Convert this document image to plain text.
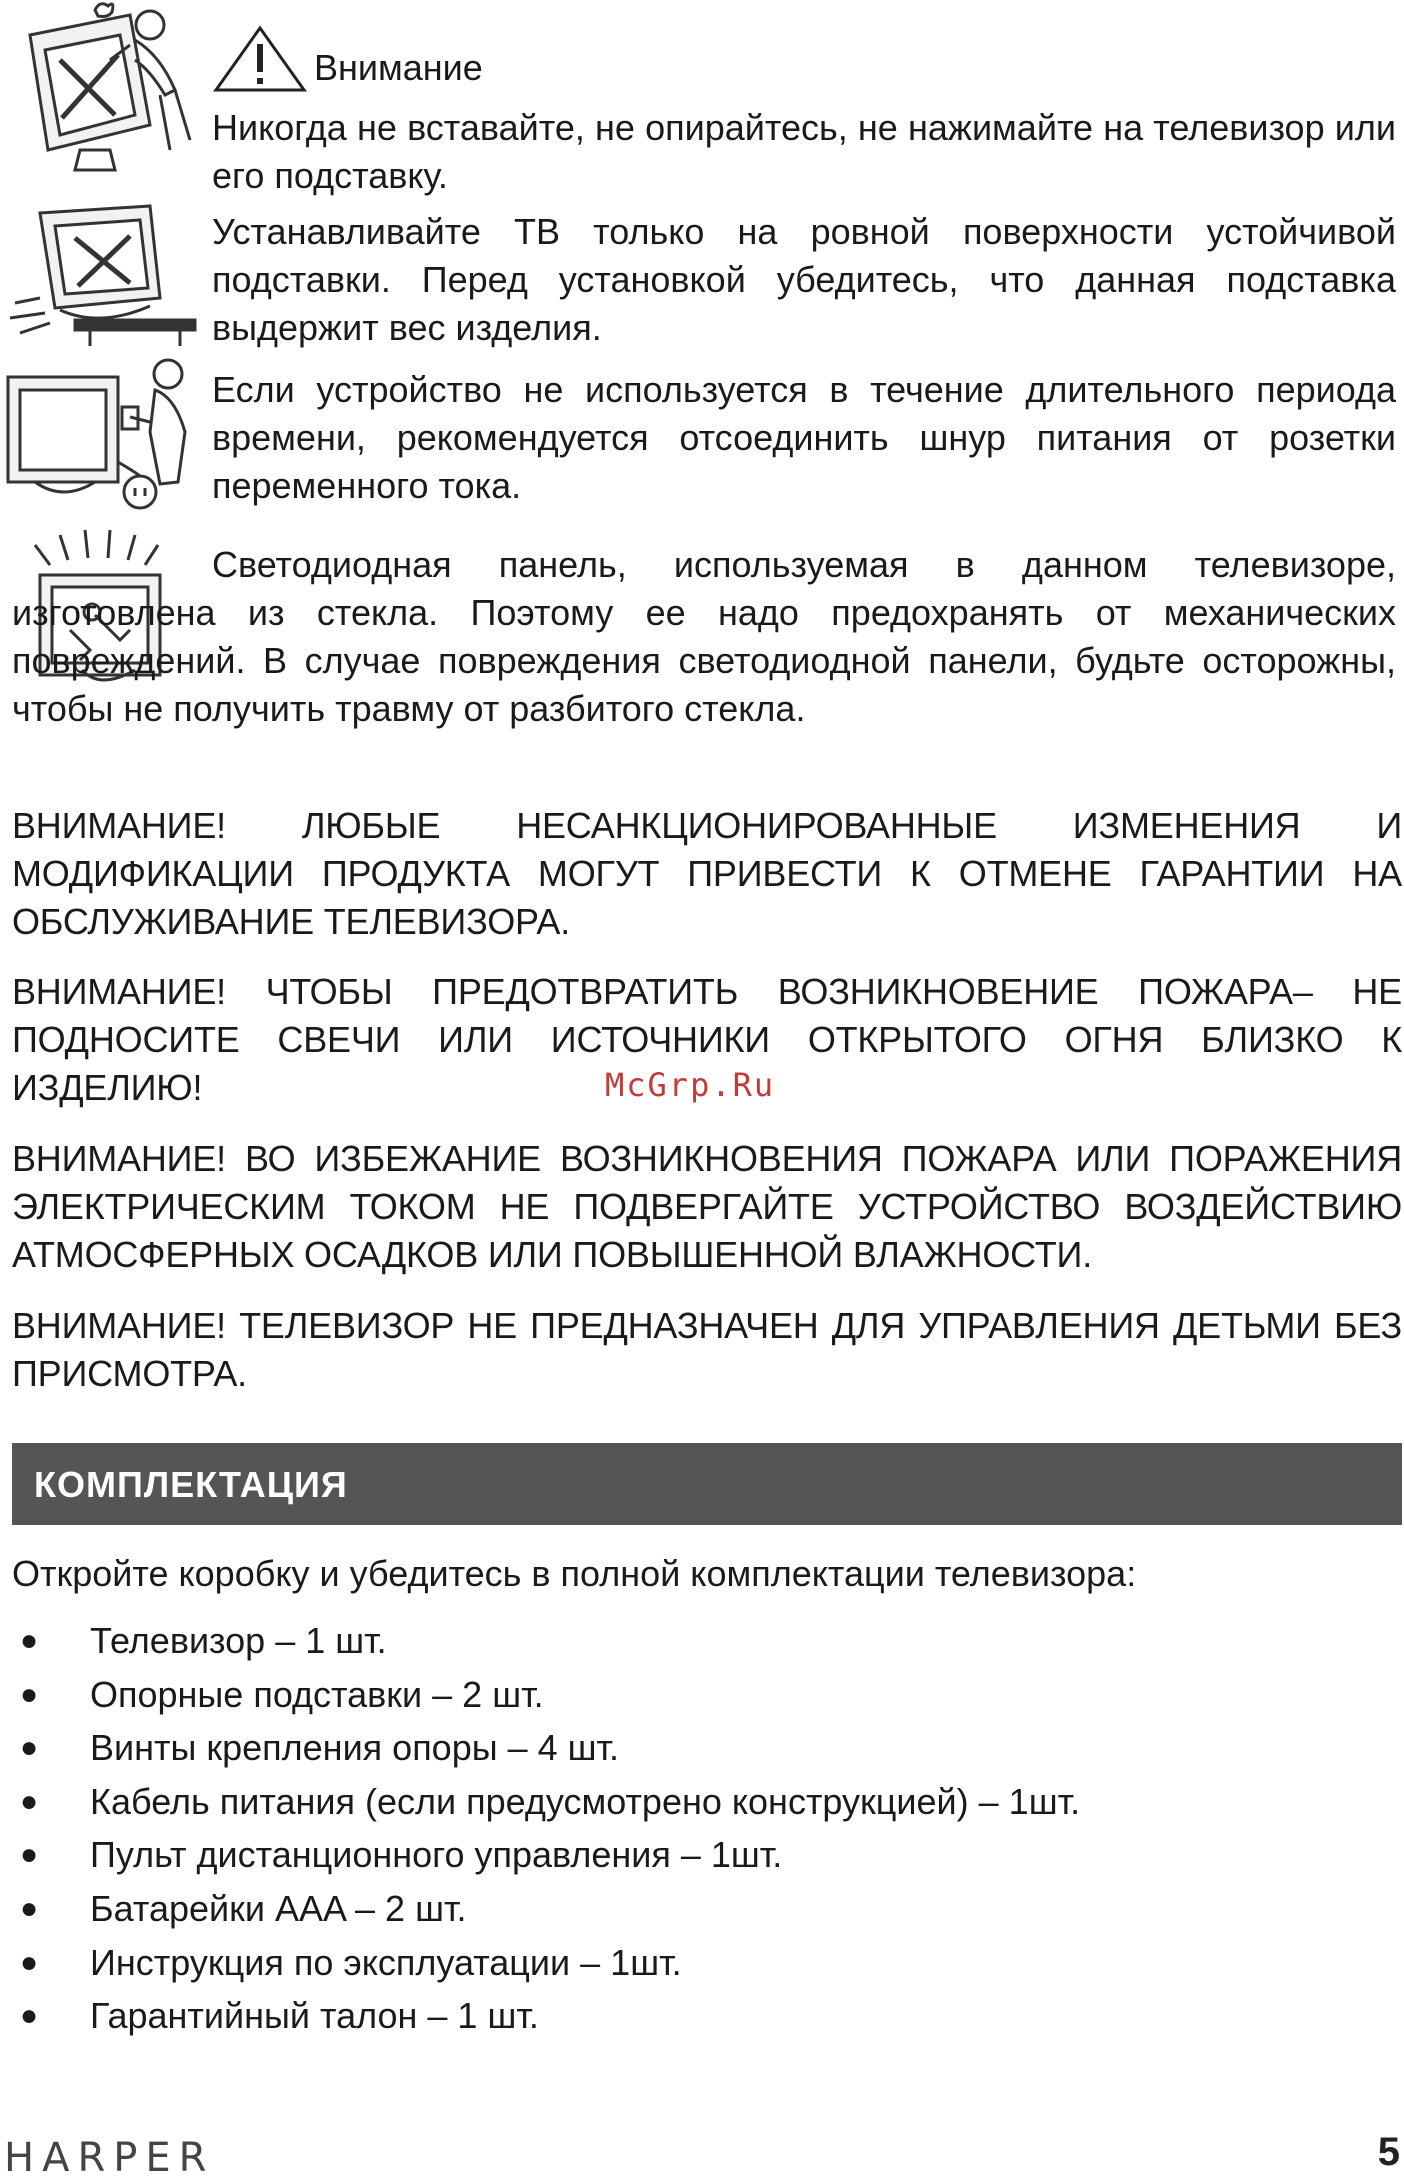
Внимание

Никогда не вставайте, не опирайтесь, не нажимайте на телевизор или его подставку.

Устанавливайте ТВ только на ровной поверхности устойчивой подставки. Перед установкой убедитесь, что данная подставка выдержит вес изделия.

Если устройство не используется в течение длительного периода времени, рекомендуется отсоединить шнур питания от розетки переменного тока.

Светодиодная панель, используемая в данном телевизоре, изготовлена из стекла. Поэтому ее надо предохранять от механических повреждений. В случае повреждения светодиодной панели, будьте осторожны, чтобы не получить травму от разбитого стекла.

ВНИМАНИЕ! ЛЮБЫЕ НЕСАНКЦИОНИРОВАННЫЕ ИЗМЕНЕНИЯ И МОДИФИКАЦИИ ПРОДУКТА МОГУТ ПРИВЕСТИ К ОТМЕНЕ ГАРАНТИИ НА ОБСЛУЖИВАНИЕ ТЕЛЕВИЗОРА.

ВНИМАНИЕ! ЧТОБЫ ПРЕДОТВРАТИТЬ ВОЗНИКНОВЕНИЕ ПОЖАРА– НЕ ПОДНОСИТЕ СВЕЧИ ИЛИ ИСТОЧНИКИ ОТКРЫТОГО ОГНЯ БЛИЗКО К ИЗДЕЛИЮ!	McGrp.Ru

ВНИМАНИЕ! ВО ИЗБЕЖАНИЕ ВОЗНИКНОВЕНИЯ ПОЖАРА ИЛИ ПОРАЖЕНИЯ ЭЛЕКТРИЧЕСКИМ ТОКОМ НЕ ПОДВЕРГАЙТЕ УСТРОЙСТВО ВОЗДЕЙСТВИЮ АТМОСФЕРНЫХ ОСАДКОВ ИЛИ ПОВЫШЕННОЙ ВЛАЖНОСТИ.

ВНИМАНИЕ! ТЕЛЕВИЗОР НЕ ПРЕДНАЗНАЧЕН ДЛЯ УПРАВЛЕНИЯ ДЕТЬМИ БЕЗ ПРИСМОТРА.

КОМПЛЕКТАЦИЯ
Откройте коробку и убедитесь в полной комплектации телевизора:
● Телевизор – 1 шт.
● Опорные подставки – 2 шт.
● Винты крепления опоры – 4 шт.
● Кабель питания (если предусмотрено конструкцией) – 1шт.
● Пульт дистанционного управления – 1шт.
● Батарейки AAA – 2 шт.
● Инструкция по эксплуатации – 1шт.
● Гарантийный талон – 1 шт.
HARPER	5
